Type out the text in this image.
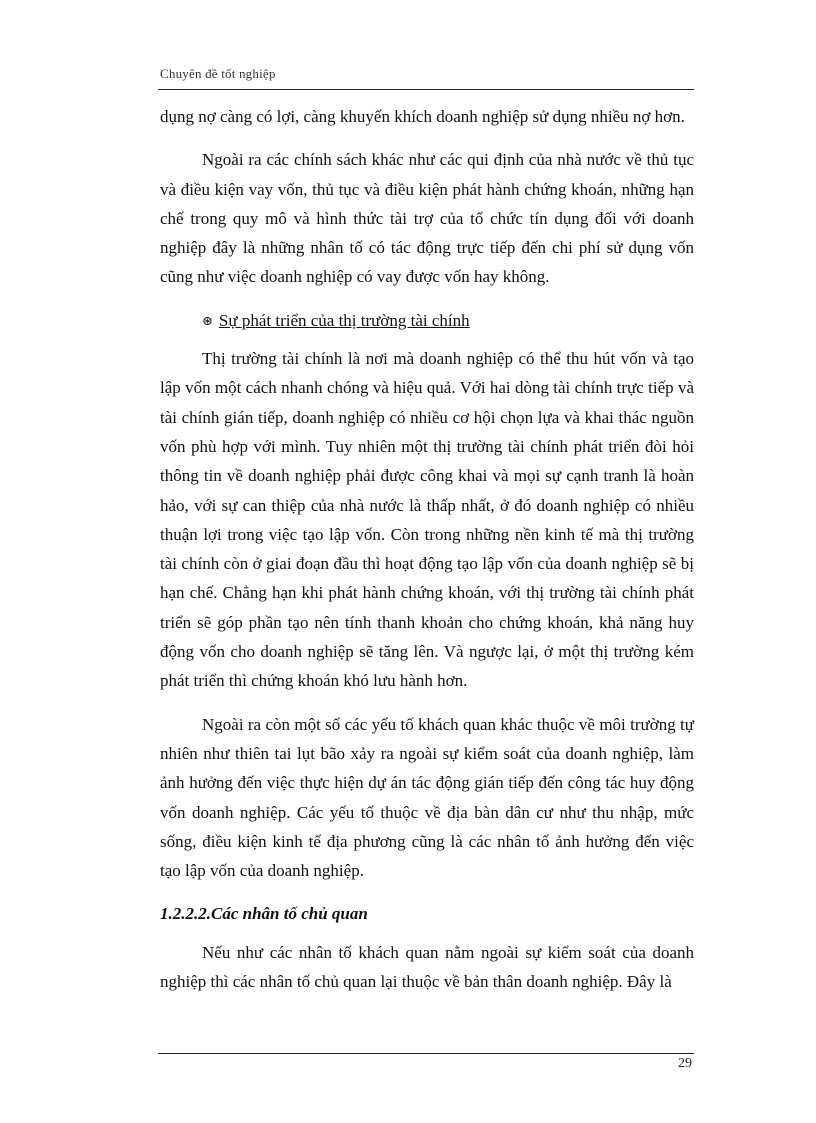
Chuyên đề tốt nghiệp

dụng nợ càng có lợi, càng khuyến khích doanh nghiệp sử dụng nhiều nợ hơn.

Ngoài ra các chính sách khác như các qui định của nhà nước về thủ tục và điều kiện vay vốn, thủ tục và điều kiện phát hành chứng khoán, những hạn chế trong quy mô và hình thức tài trợ của tổ chức tín dụng đối với doanh nghiệp đây là những nhân tố có tác động trực tiếp đến chi phí sử dụng vốn cũng như việc doanh nghiệp có vay được vốn hay không.

⊛ Sự phát triển của thị trường tài chính

Thị trường tài chính là nơi mà doanh nghiệp có thể thu hút vốn và tạo lập vốn một cách nhanh chóng và hiệu quả. Với hai dòng tài chính trực tiếp và tài chính gián tiếp, doanh nghiệp có nhiều cơ hội chọn lựa và khai thác nguồn vốn phù hợp với mình. Tuy nhiên một thị trường tài chính phát triển đòi hỏi thông tin về doanh nghiệp phải được công khai và mọi sự cạnh tranh là hoàn hảo, với sự can thiệp của nhà nước là thấp nhất, ở đó doanh nghiệp có nhiều thuận lợi trong việc tạo lập vốn. Còn trong những nền kinh tế mà thị trường tài chính còn ở giai đoạn đầu thì hoạt động tạo lập vốn của doanh nghiệp sẽ bị hạn chế. Chẳng hạn khi phát hành chứng khoán, với thị trường tài chính phát triển sẽ góp phần tạo nên tính thanh khoản cho chứng khoán, khả năng huy động vốn cho doanh nghiệp sẽ tăng lên. Và ngược lại, ở một thị trường kém phát triển thì chứng khoán khó lưu hành hơn.

Ngoài ra còn một số các yếu tố khách quan khác thuộc về môi trường tự nhiên như thiên tai lụt bão xảy ra ngoài sự kiểm soát của doanh nghiệp, làm ảnh hưởng đến việc thực hiện dự án tác động gián tiếp đến công tác huy động vốn doanh nghiệp. Các yếu tố thuộc về địa bàn dân cư như thu nhập, mức sống, điều kiện kinh tế địa phương cũng là các nhân tố ảnh hưởng đến việc tạo lập vốn của doanh nghiệp.

1.2.2.2.Các nhân tố chủ quan

Nếu như các nhân tố khách quan nằm ngoài sự kiểm soát của doanh nghiệp thì các nhân tố chủ quan lại thuộc về bản thân doanh nghiệp. Đây là

29
